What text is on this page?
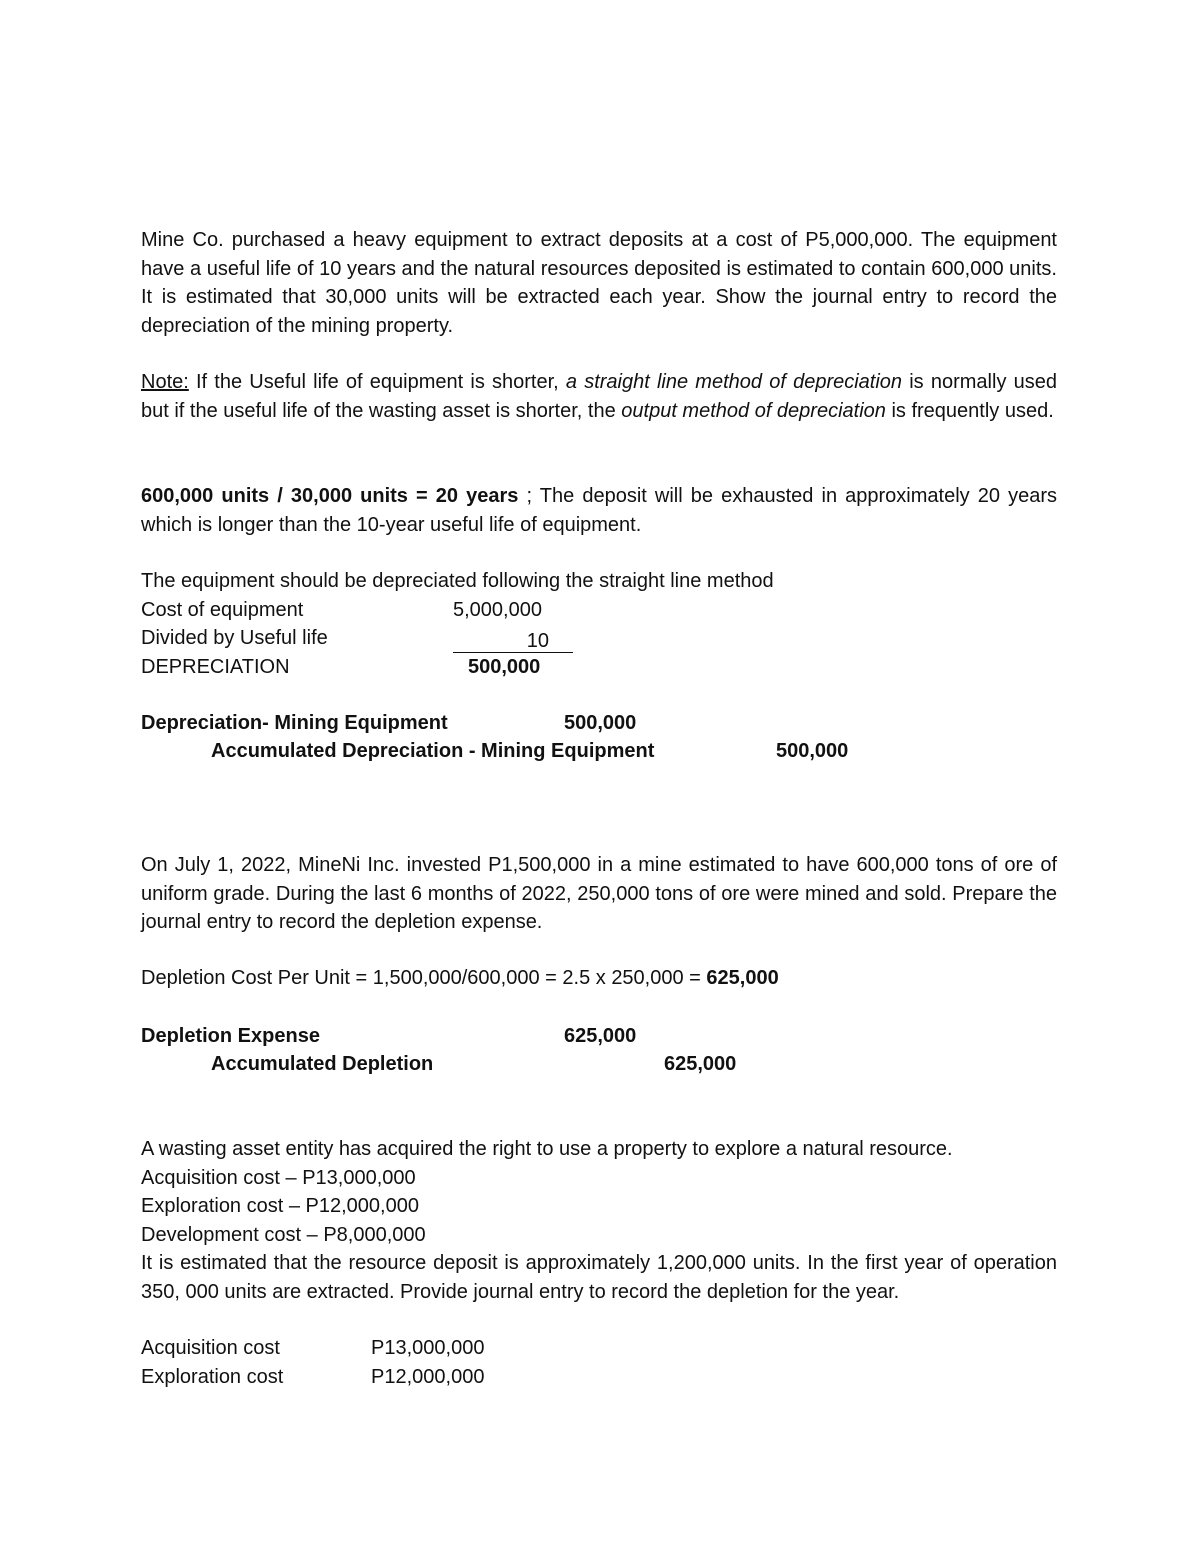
Mine Co. purchased a heavy equipment to extract deposits at a cost of P5,000,000. The equipment have a useful life of 10 years and the natural resources deposited is estimated to contain 600,000 units. It is estimated that 30,000 units will be extracted each year. Show the journal entry to record the depreciation of the mining property.
Note: If the Useful life of equipment is shorter, a straight line method of depreciation is normally used but if the useful life of the wasting asset is shorter, the output method of depreciation is frequently used.
600,000 units / 30,000 units = 20 years ; The deposit will be exhausted in approximately 20 years which is longer than the 10-year useful life of equipment.
The equipment should be depreciated following the straight line method
Cost of equipment	5,000,000
Divided by Useful life	10
DEPRECIATION	500,000
Depreciation- Mining Equipment	500,000
Accumulated Depreciation - Mining Equipment	500,000
On July 1, 2022, MineNi Inc. invested P1,500,000 in a mine estimated to have 600,000 tons of ore of uniform grade. During the last 6 months of 2022, 250,000 tons of ore were mined and sold. Prepare the journal entry to record the depletion expense.
Depletion Cost Per Unit = 1,500,000/600,000 = 2.5 x 250,000 = 625,000
Depletion Expense	625,000
Accumulated Depletion	625,000
A wasting asset entity has acquired the right to use a property to explore a natural resource.
Acquisition cost – P13,000,000
Exploration cost – P12,000,000
Development cost – P8,000,000
It is estimated that the resource deposit is approximately 1,200,000 units. In the first year of operation 350, 000 units are extracted. Provide journal entry to record the depletion for the year.
Acquisition cost	P13,000,000
Exploration cost	P12,000,000
